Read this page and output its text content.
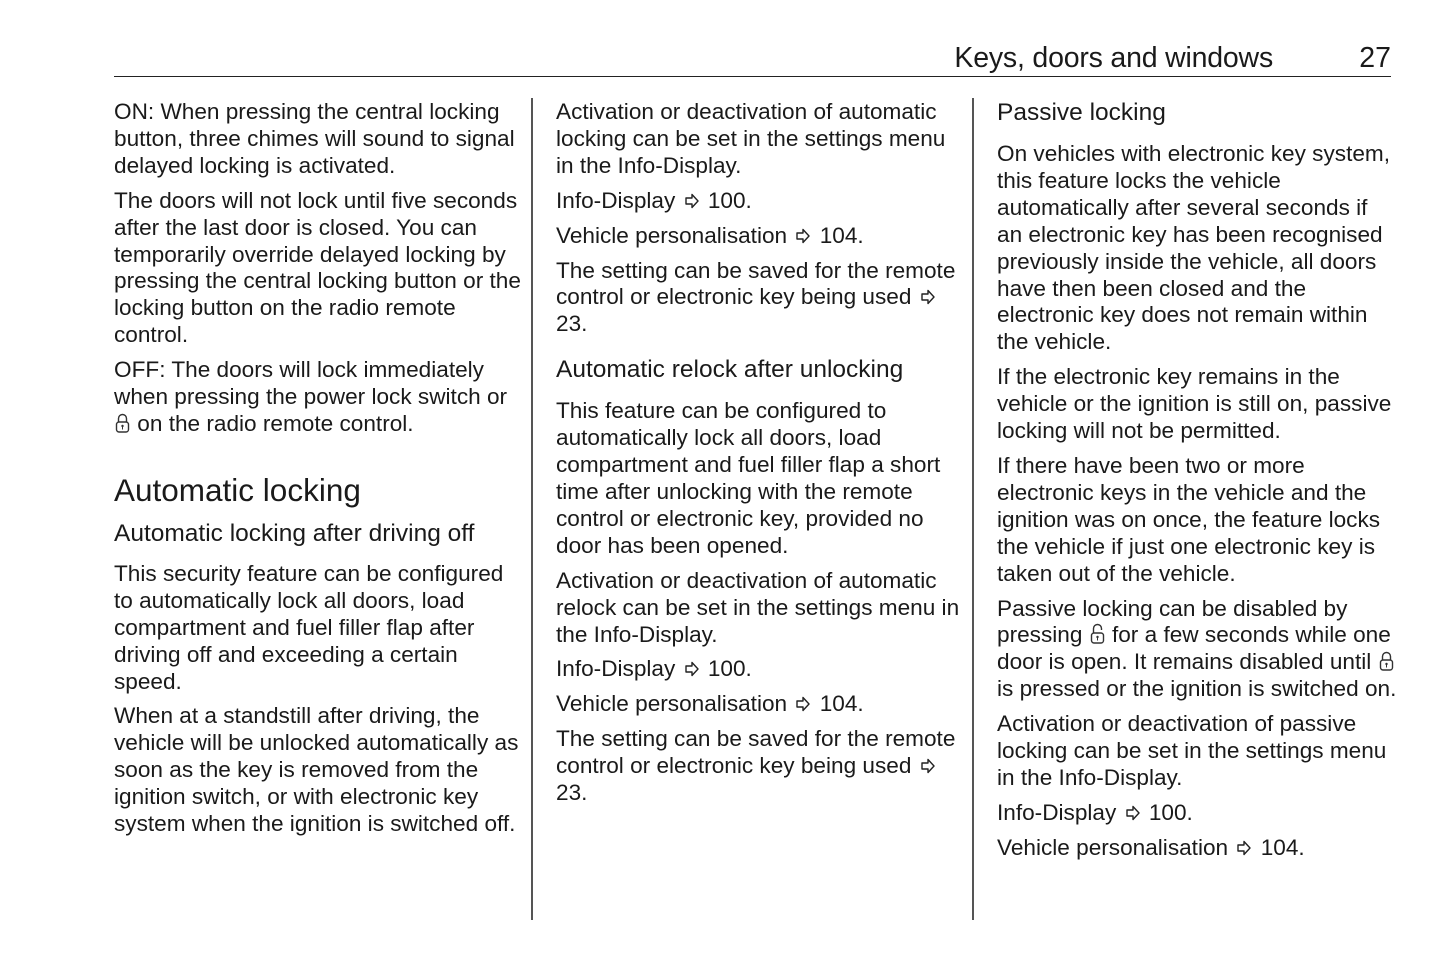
Keys, doors and windows	27

ON: When pressing the central locking button, three chimes will sound to signal delayed locking is activated.

The doors will not lock until five seconds after the last door is closed. You can temporarily override delayed locking by pressing the central locking button or the locking button on the radio remote control.

OFF: The doors will lock immediately when pressing the power lock switch or  on the radio remote control.

Automatic locking
Automatic locking after driving off

This security feature can be configured to automatically lock all doors, load compartment and fuel filler flap after driving off and exceeding a certain speed.

When at a standstill after driving, the vehicle will be unlocked automatically as soon as the key is removed from the ignition switch, or with electronic key system when the ignition is switched off.

Activation or deactivation of automatic locking can be set in the settings menu in the Info-Display.

Info-Display 100.

Vehicle personalisation 104.

The setting can be saved for the remote control or electronic key being used  23.

Automatic relock after unlocking

This feature can be configured to automatically lock all doors, load compartment and fuel filler flap a short time after unlocking with the remote control or electronic key, provided no door has been opened.

Activation or deactivation of automatic relock can be set in the settings menu in the Info-Display.

Info-Display 100.

Vehicle personalisation 104.

The setting can be saved for the remote control or electronic key being used  23.

Passive locking

On vehicles with electronic key system, this feature locks the vehicle automatically after several seconds if an electronic key has been recognised previously inside the vehicle, all doors have then been closed and the electronic key does not remain within the vehicle.

If the electronic key remains in the vehicle or the ignition is still on, passive locking will not be permitted.

If there have been two or more electronic keys in the vehicle and the ignition was on once, the feature locks the vehicle if just one electronic key is taken out of the vehicle.

Passive locking can be disabled by pressing for a few seconds while one door is open. It remains disabled until  is pressed or the ignition is switched on.

Activation or deactivation of passive locking can be set in the settings menu in the Info-Display.

Info-Display 100.

Vehicle personalisation 104.
